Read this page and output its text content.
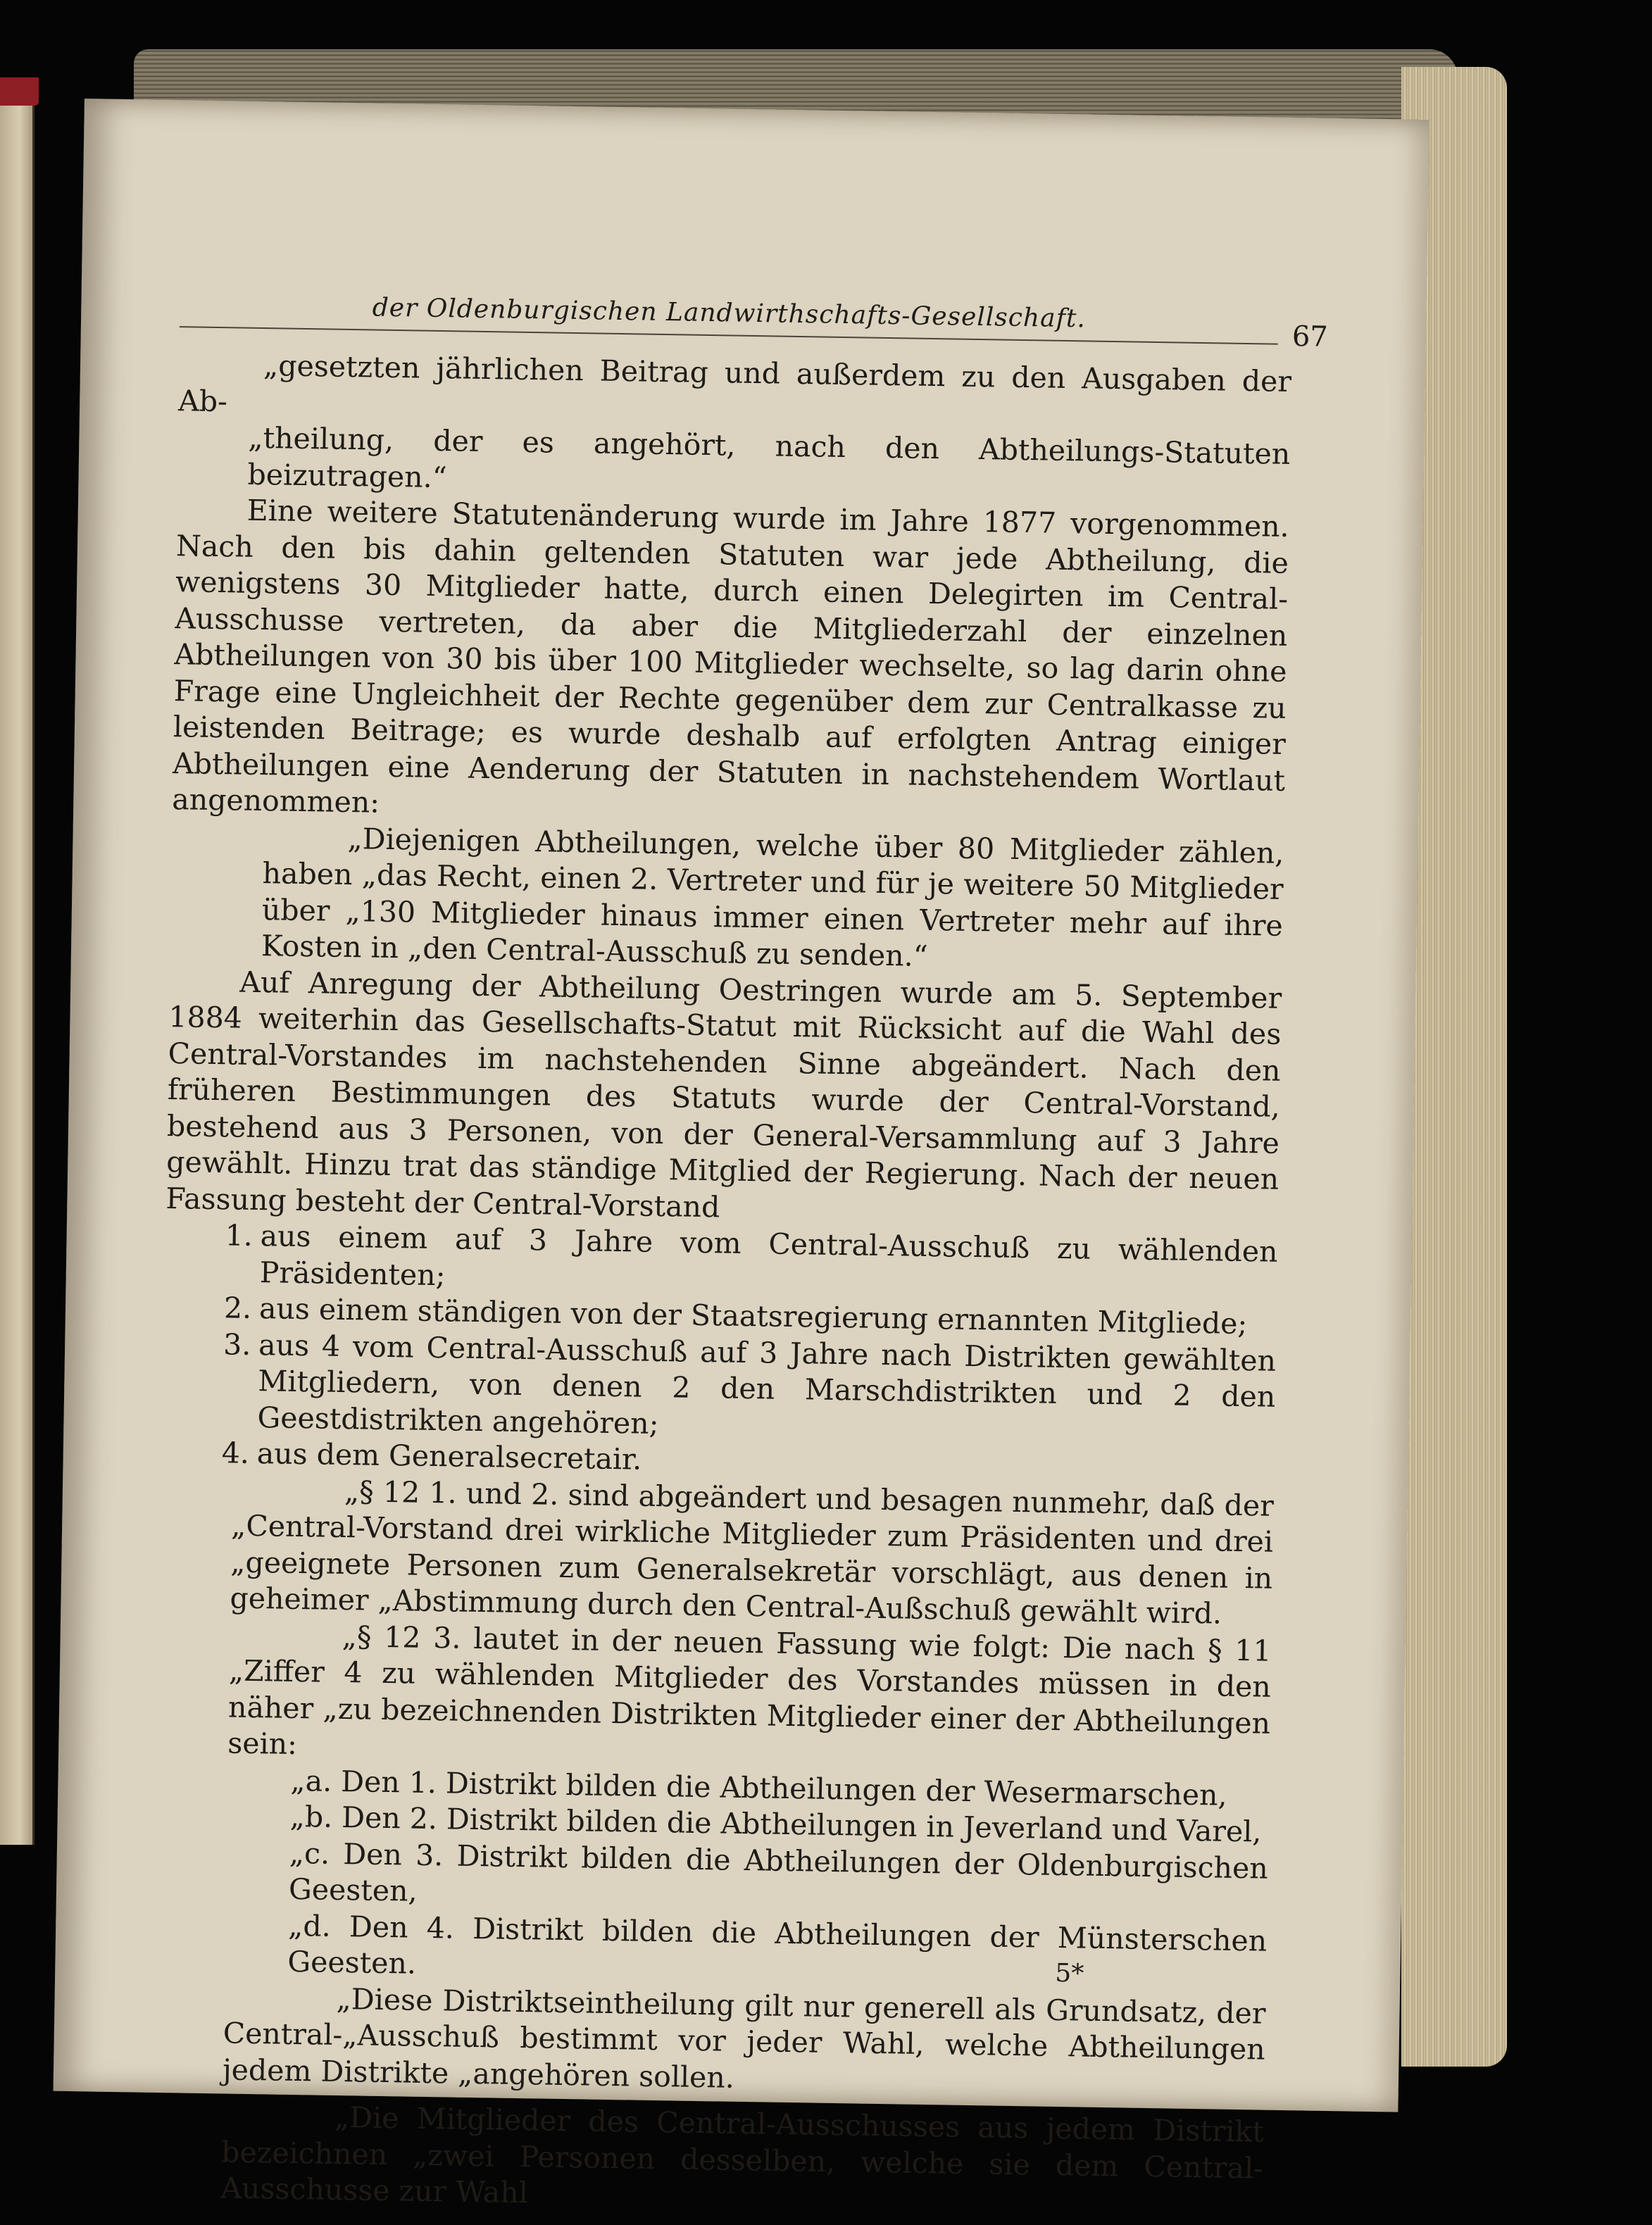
der Oldenburgischen Landwirthschafts-Gesellschaft.
67

„gesetzten jährlichen Beitrag und außerdem zu den Ausgaben der Ab-

„theilung, der es angehört, nach den Abtheilungs-Statuten beizutragen.“

Eine weitere Statutenänderung wurde im Jahre 1877 vorgenommen. Nach den bis dahin geltenden Statuten war jede Abtheilung, die wenigstens 30 Mitglieder hatte, durch einen Delegirten im Central-Ausschusse vertreten, da aber die Mitgliederzahl der einzelnen Abtheilungen von 30 bis über 100 Mitglieder wechselte, so lag darin ohne Frage eine Ungleichheit der Rechte gegenüber dem zur Centralkasse zu leistenden Beitrage; es wurde deshalb auf erfolgten Antrag einiger Abtheilungen eine Aenderung der Statuten in nachstehendem Wortlaut angenommen:

„Diejenigen Abtheilungen, welche über 80 Mitglieder zählen, haben „das Recht, einen 2. Vertreter und für je weitere 50 Mitglieder über „130 Mitglieder hinaus immer einen Vertreter mehr auf ihre Kosten in „den Central-Ausschuß zu senden.“

Auf Anregung der Abtheilung Oestringen wurde am 5. September 1884 weiterhin das Gesellschafts-Statut mit Rücksicht auf die Wahl des Central-Vorstandes im nachstehenden Sinne abgeändert. Nach den früheren Bestimmungen des Statuts wurde der Central-Vorstand, bestehend aus 3 Personen, von der General-Versammlung auf 3 Jahre gewählt. Hinzu trat das ständige Mitglied der Regierung. Nach der neuen Fassung besteht der Central-Vorstand

1. aus einem auf 3 Jahre vom Central-Ausschuß zu wählenden Präsidenten;

2. aus einem ständigen von der Staatsregierung ernannten Mitgliede;

3. aus 4 vom Central-Ausschuß auf 3 Jahre nach Distrikten gewählten Mitgliedern, von denen 2 den Marschdistrikten und 2 den Geestdistrikten angehören;

4. aus dem Generalsecretair.

„§ 12 1. und 2. sind abgeändert und besagen nunmehr, daß der „Central-Vorstand drei wirkliche Mitglieder zum Präsidenten und drei „geeignete Personen zum Generalsekretär vorschlägt, aus denen in geheimer „Abstimmung durch den Central-Außschuß gewählt wird.

„§ 12 3. lautet in der neuen Fassung wie folgt: Die nach § 11 „Ziffer 4 zu wählenden Mitglieder des Vorstandes müssen in den näher „zu bezeichnenden Distrikten Mitglieder einer der Abtheilungen sein:

„a. Den 1. Distrikt bilden die Abtheilungen der Wesermarschen,

„b. Den 2. Distrikt bilden die Abtheilungen in Jeverland und Varel,

„c. Den 3. Distrikt bilden die Abtheilungen der Oldenburgischen Geesten,

„d. Den 4. Distrikt bilden die Abtheilungen der Münsterschen Geesten.

„Diese Distriktseintheilung gilt nur generell als Grundsatz, der Central-„Ausschuß bestimmt vor jeder Wahl, welche Abtheilungen jedem Distrikte „angehören sollen.

„Die Mitglieder des Central-Ausschusses aus jedem Distrikt bezeichnen „zwei Personen desselben, welche sie dem Central-Ausschusse zur Wahl

5*
